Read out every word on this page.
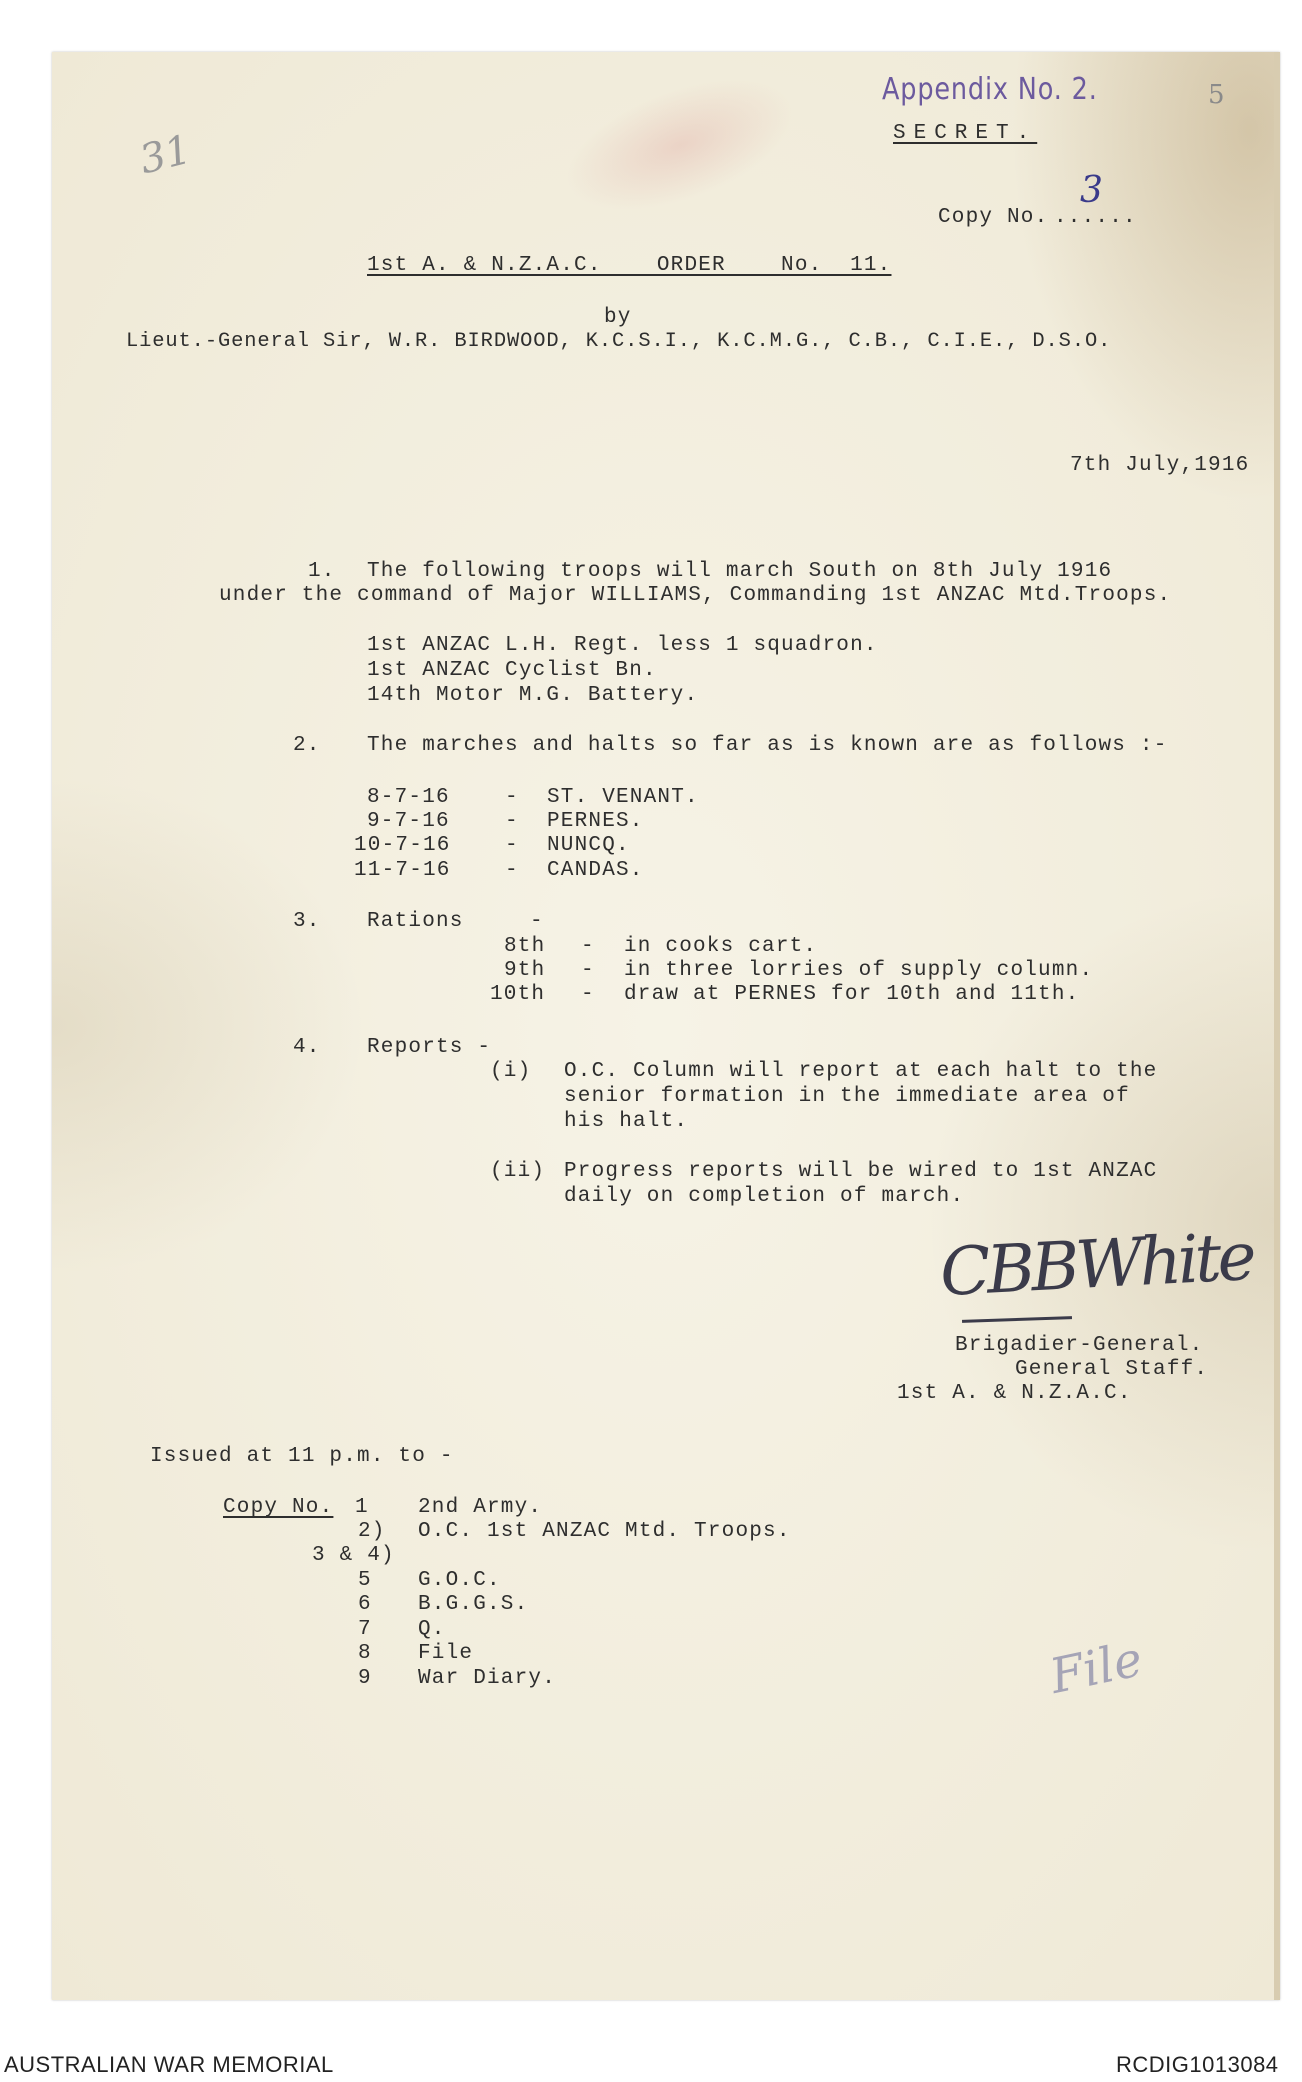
31
Appendix No. 2.	5
SECRET.
Copy No. ......
3
1st A. & N.Z.A.C.    ORDER    No.  11.
by
Lieut.-General Sir, W.R. BIRDWOOD, K.C.S.I., K.C.M.G., C.B., C.I.E., D.S.O.
7th July,1916
1. The following troops will march South on 8th July 1916
under the command of Major WILLIAMS, Commanding 1st ANZAC Mtd.Troops.
1st ANZAC L.H. Regt. less 1 squadron.
1st ANZAC Cyclist Bn.
14th Motor M.G. Battery.
2. The marches and halts so far as is known are as follows :-
8-7-16	- ST. VENANT.
9-7-16	- PERNES.
10-7-16	- NUNCQ.
11-7-16	- CANDAS.
3. Rations	-
8th - in cooks cart.
9th - in three lorries of supply column.
10th - draw at PERNES for 10th and 11th.
4. Reports -
(i) O.C. Column will report at each halt to the
senior formation in the immediate area of
his halt.
(ii) Progress reports will be wired to 1st ANZAC
daily on completion of march.
CBBWhite
Brigadier-General.
General Staff.
1st A. & N.Z.A.C.
Issued at 11 p.m. to -
Copy No. 1 2nd Army.
2) O.C. 1st ANZAC Mtd. Troops.
3 & 4)
5 G.O.C.
6 B.G.G.S.
7 Q.
8 File
9 War Diary.	File
AUSTRALIAN WAR MEMORIAL	RCDIG1013084
